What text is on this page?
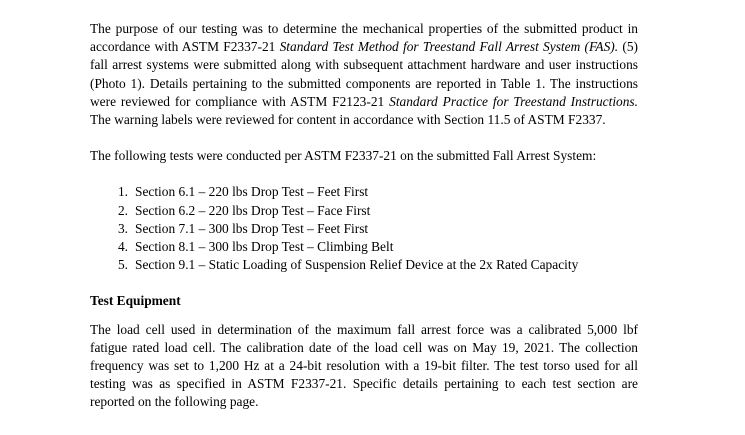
The purpose of our testing was to determine the mechanical properties of the submitted product in accordance with ASTM F2337-21 Standard Test Method for Treestand Fall Arrest System (FAS). (5) fall arrest systems were submitted along with subsequent attachment hardware and user instructions (Photo 1). Details pertaining to the submitted components are reported in Table 1. The instructions were reviewed for compliance with ASTM F2123-21 Standard Practice for Treestand Instructions. The warning labels were reviewed for content in accordance with Section 11.5 of ASTM F2337.

The following tests were conducted per ASTM F2337-21 on the submitted Fall Arrest System:

1. Section 6.1 – 220 lbs Drop Test – Feet First
2. Section 6.2 – 220 lbs Drop Test – Face First
3. Section 7.1 – 300 lbs Drop Test – Feet First
4. Section 8.1 – 300 lbs Drop Test – Climbing Belt
5. Section 9.1 – Static Loading of Suspension Relief Device at the 2x Rated Capacity
Test Equipment

The load cell used in determination of the maximum fall arrest force was a calibrated 5,000 lbf fatigue rated load cell. The calibration date of the load cell was on May 19, 2021. The collection frequency was set to 1,200 Hz at a 24-bit resolution with a 19-bit filter. The test torso used for all testing was as specified in ASTM F2337-21. Specific details pertaining to each test section are reported on the following page.
